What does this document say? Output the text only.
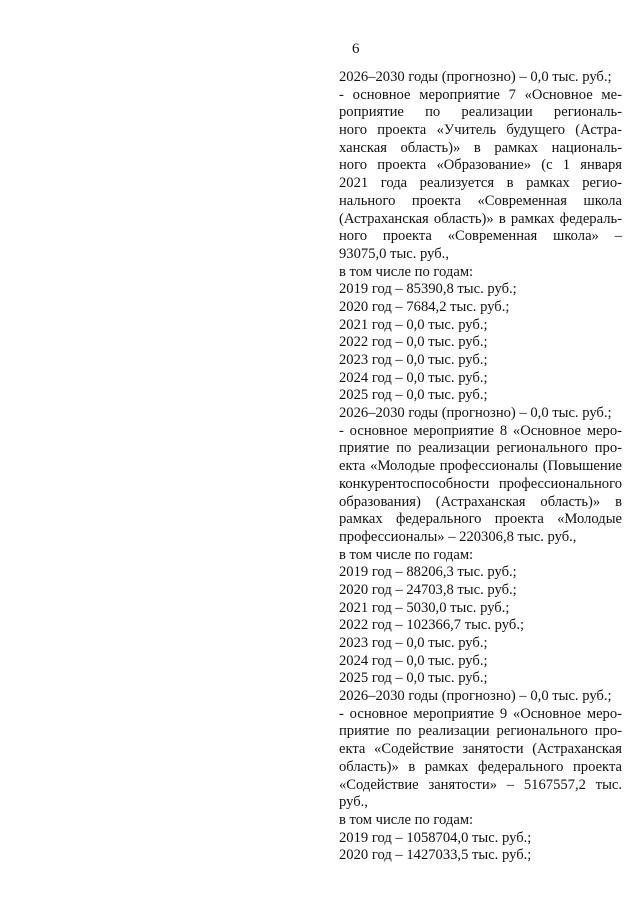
6
2026–2030 годы (прогнозно) – 0,0 тыс. руб.;
- основное мероприятие 7 «Основное ме-
роприятие по реализации региональ-
ного проекта «Учитель будущего (Астра-
ханская область)» в рамках националь-
ного проекта «Образование» (с 1 января
2021 года реализуется в рамках регио-
нального проекта «Современная школа
(Астраханская область)» в рамках федераль-
ного проекта «Современная школа» –
93075,0 тыс. руб.,
в том числе по годам:
2019 год – 85390,8 тыс. руб.;
2020 год – 7684,2 тыс. руб.;
2021 год – 0,0 тыс. руб.;
2022 год – 0,0 тыс. руб.;
2023 год – 0,0 тыс. руб.;
2024 год – 0,0 тыс. руб.;
2025 год – 0,0 тыс. руб.;
2026–2030 годы (прогнозно) – 0,0 тыс. руб.;
- основное мероприятие 8 «Основное меро-
приятие по реализации регионального про-
екта «Молодые профессионалы (Повышение
конкурентоспособности профессионального
образования) (Астраханская область)» в
рамках федерального проекта «Молодые
профессионалы» – 220306,8 тыс. руб.,
в том числе по годам:
2019 год – 88206,3 тыс. руб.;
2020 год – 24703,8 тыс. руб.;
2021 год – 5030,0 тыс. руб.;
2022 год – 102366,7 тыс. руб.;
2023 год – 0,0 тыс. руб.;
2024 год – 0,0 тыс. руб.;
2025 год – 0,0 тыс. руб.;
2026–2030 годы (прогнозно) – 0,0 тыс. руб.;
- основное мероприятие 9 «Основное меро-
приятие по реализации регионального про-
екта «Содействие занятости (Астраханская
область)» в рамках федерального проекта
«Содействие занятости» – 5167557,2 тыс.
руб.,
в том числе по годам:
2019 год – 1058704,0 тыс. руб.;
2020 год – 1427033,5 тыс. руб.;
